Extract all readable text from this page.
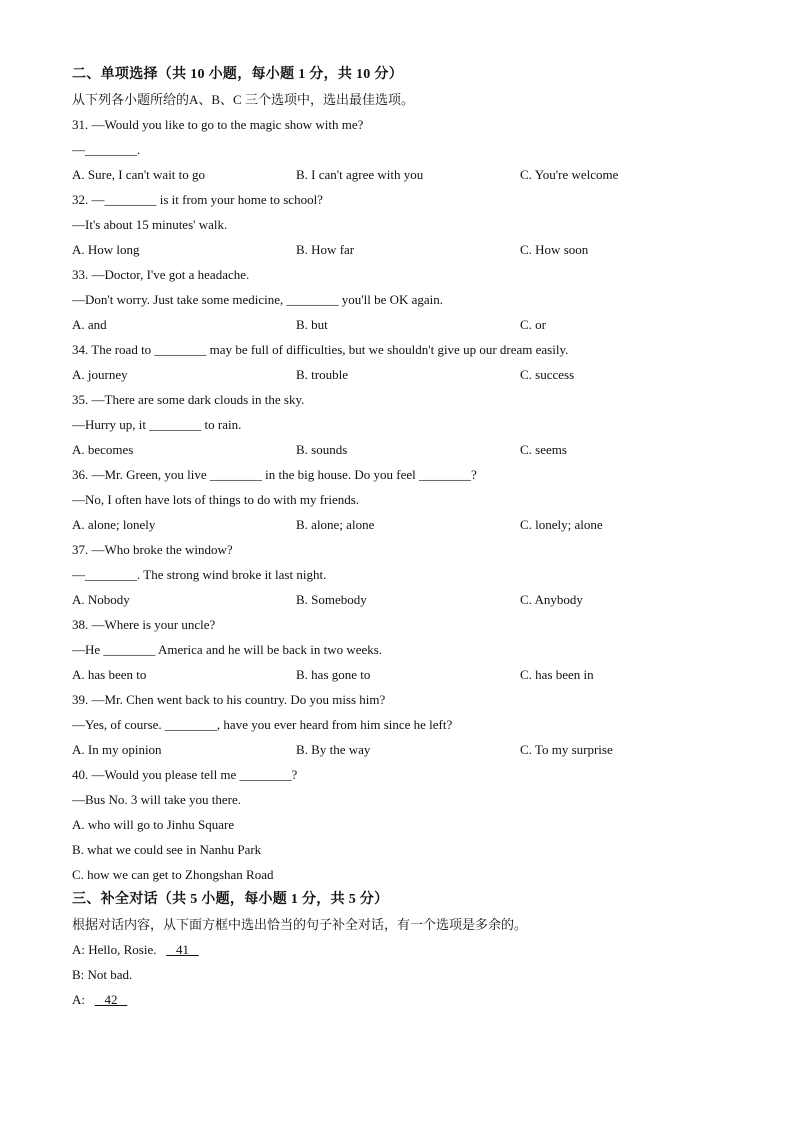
二、单项选择（共 10 小题，每小题 1 分，共 10 分）
从下列各小题所给的A、B、C 三个选项中，选出最佳选项。
31. —Would you like to go to the magic show with me?
—________.
A. Sure, I can't wait to go	B. I can't agree with you	C. You're welcome
32. —________ is it from your home to school?
—It's about 15 minutes' walk.
A. How long	B. How far	C. How soon
33. —Doctor, I've got a headache.
—Don't worry. Just take some medicine, ________ you'll be OK again.
A. and	B. but	C. or
34. The road to ________ may be full of difficulties, but we shouldn't give up our dream easily.
A. journey	B. trouble	C. success
35. —There are some dark clouds in the sky.
—Hurry up, it ________ to rain.
A. becomes	B. sounds	C. seems
36. —Mr. Green, you live ________ in the big house. Do you feel ________?
—No, I often have lots of things to do with my friends.
A. alone; lonely	B. alone; alone	C. lonely; alone
37. —Who broke the window?
—________. The strong wind broke it last night.
A. Nobody	B. Somebody	C. Anybody
38. —Where is your uncle?
—He ________ America and he will be back in two weeks.
A. has been to	B. has gone to	C. has been in
39. —Mr. Chen went back to his country. Do you miss him?
—Yes, of course. ________, have you ever heard from him since he left?
A. In my opinion	B. By the way	C. To my surprise
40. —Would you please tell me ________?
—Bus No. 3 will take you there.
A. who will go to Jinhu Square
B. what we could see in Nanhu Park
C. how we can get to Zhongshan Road
三、补全对话（共 5 小题，每小题 1 分，共 5 分）
根据对话内容，从下面方框中选出恰当的句子补全对话，有一个选项是多余的。
A: Hello, Rosie. 41
B: Not bad.
A: 42
